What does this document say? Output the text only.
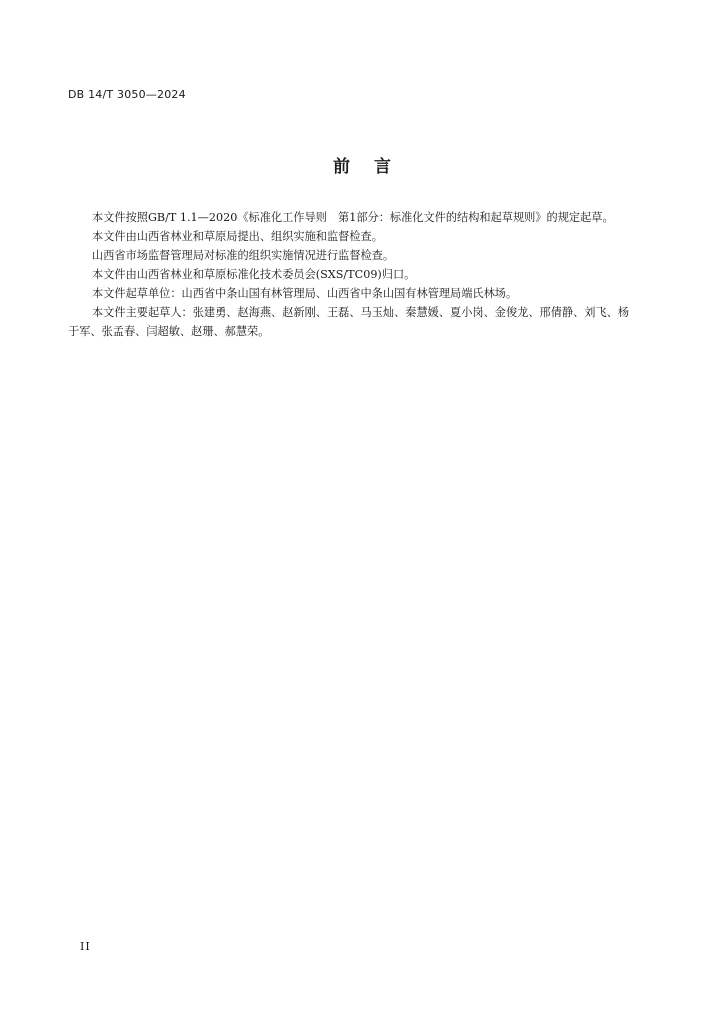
DB 14/T 3050—2024
前 言

本文件按照GB/T 1.1—2020《标准化工作导则　第1部分：标准化文件的结构和起草规则》的规定起草。

本文件由山西省林业和草原局提出、组织实施和监督检查。

山西省市场监督管理局对标准的组织实施情况进行监督检查。

本文件由山西省林业和草原标准化技术委员会(SXS/TC09)归口。

本文件起草单位：山西省中条山国有林管理局、山西省中条山国有林管理局端氏林场。

本文件主要起草人：张建勇、赵海燕、赵新刚、王磊、马玉灿、秦慧媛、夏小岗、金俊龙、邢倩静、刘飞、杨于军、张孟春、闫超敏、赵珊、郝慧荣。

II
